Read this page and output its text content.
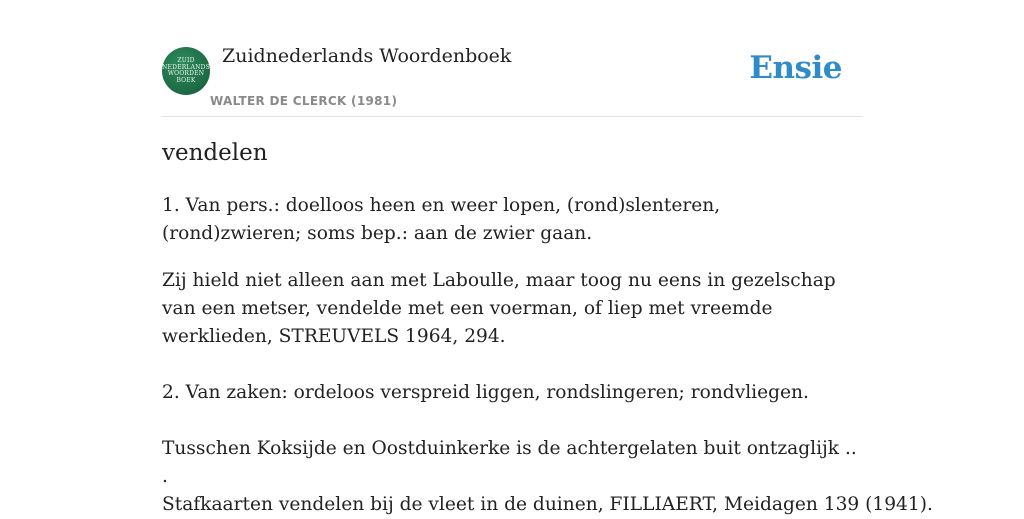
ZUID
NEDERLANDS
WOORDEN
BOEK
Zuidnederlands Woordenboek
WALTER DE CLERCK (1981)
Ensie
vendelen

1. Van pers.: doelloos heen en weer lopen, (rond)slenteren, (rond)zwieren; soms bep.: aan de zwier gaan.

Zij hield niet alleen aan met Laboulle, maar toog nu eens in gezelschap van een metser, vendelde met een voerman, of liep met vreemde werklieden, STREUVELS 1964, 294.

2. Van zaken: ordeloos verspreid liggen, rondslingeren; rondvliegen.

Tusschen Koksijde en Oostduinkerke is de achtergelaten buit ontzaglijk .. .

Stafkaarten vendelen bij de vleet in de duinen, FILLIAERT, Meidagen 139 (1941).
